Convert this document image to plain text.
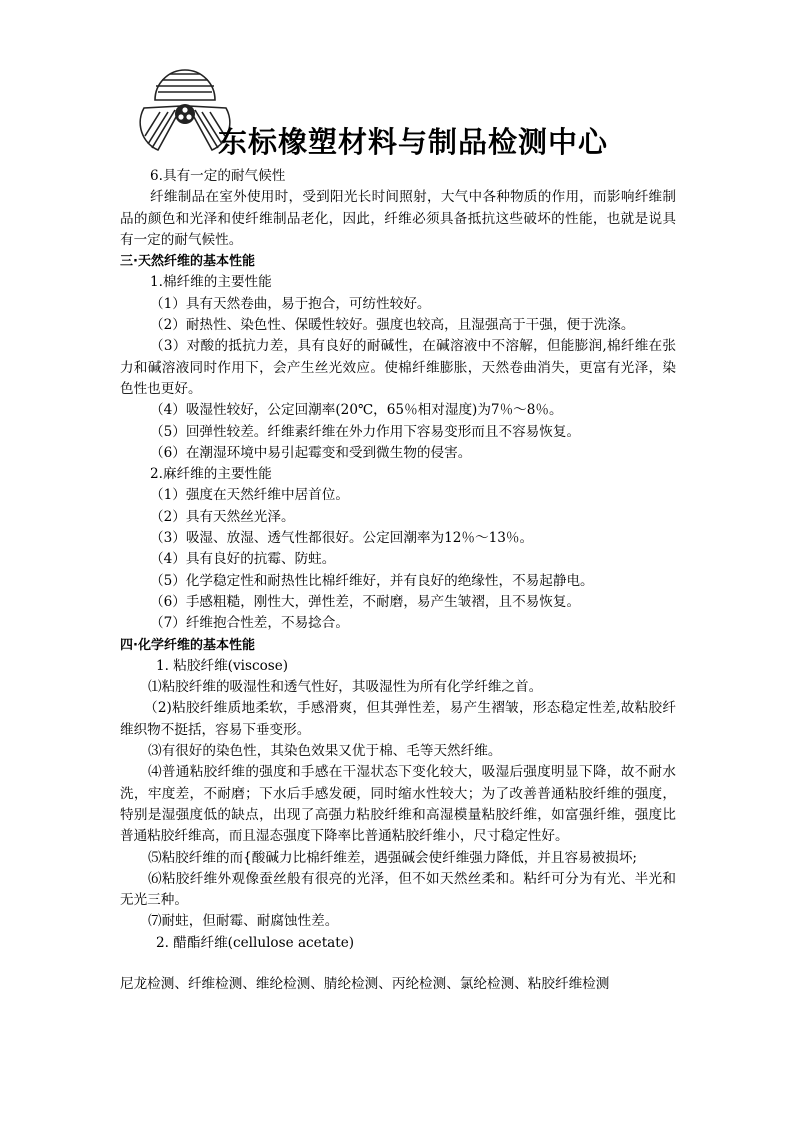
东标橡塑材料与制品检测中心

6.具有一定的耐气候性

纤维制品在室外使用时，受到阳光长时间照射，大气中各种物质的作用，而影响纤维制品的颜色和光泽和使纤维制品老化，因此，纤维必须具备抵抗这些破坏的性能，也就是说具有一定的耐气候性。

三·天然纤维的基本性能

1.棉纤维的主要性能

（1）具有天然卷曲，易于抱合，可纺性较好。

（2）耐热性、染色性、保暖性较好。强度也较高，且湿强高于干强，便于洗涤。

（3）对酸的抵抗力差，具有良好的耐碱性，在碱溶液中不溶解，但能膨润,棉纤维在张力和碱溶液同时作用下，会产生丝光效应。使棉纤维膨胀，天然卷曲消失，更富有光泽，染色性也更好。

（4）吸湿性较好，公定回潮率(20℃，65％相对湿度)为7％～8％。

（5）回弹性较差。纤维素纤维在外力作用下容易变形而且不容易恢复。

（6）在潮湿环境中易引起霉变和受到微生物的侵害。

2.麻纤维的主要性能

（1）强度在天然纤维中居首位。

（2）具有天然丝光泽。

（3）吸湿、放湿、透气性都很好。公定回潮率为12％～13％。

（4）具有良好的抗霉、防蛀。

（5）化学稳定性和耐热性比棉纤维好，并有良好的绝缘性，不易起静电。

（6）手感粗糙，刚性大，弹性差，不耐磨，易产生皱褶，且不易恢复。

（7）纤维抱合性差，不易捻合。

四·化学纤维的基本性能

1. 粘胶纤维(viscose)

⑴粘胶纤维的吸湿性和透气性好，其吸湿性为所有化学纤维之首。

（2)粘胶纤维质地柔软，手感滑爽，但其弹性差，易产生褶皱，形态稳定性差,故粘胶纤维织物不挺括，容易下垂变形。

⑶有很好的染色性，其染色效果又优于棉、毛等天然纤维。

⑷普通粘胶纤维的强度和手感在干湿状态下变化较大，吸湿后强度明显下降，故不耐水洗，牢度差，不耐磨；下水后手感发硬，同时缩水性较大；为了改善普通粘胶纤维的强度，特别是湿强度低的缺点，出现了高强力粘胶纤维和高湿模量粘胶纤维，如富强纤维，强度比普通粘胶纤维高，而且湿态强度下降率比普通粘胶纤维小，尺寸稳定性好。

⑸粘胶纤维的而{酸碱力比棉纤维差，遇强碱会使纤维强力降低，并且容易被损坏;

⑹粘胶纤维外观像蚕丝般有很亮的光泽，但不如天然丝柔和。粘纤可分为有光、半光和无光三种。

⑺耐蛀，但耐霉、耐腐蚀性差。

2. 醋酯纤维(cellulose acetate)

尼龙检测、纤维检测、维纶检测、腈纶检测、丙纶检测、氯纶检测、粘胶纤维检测
